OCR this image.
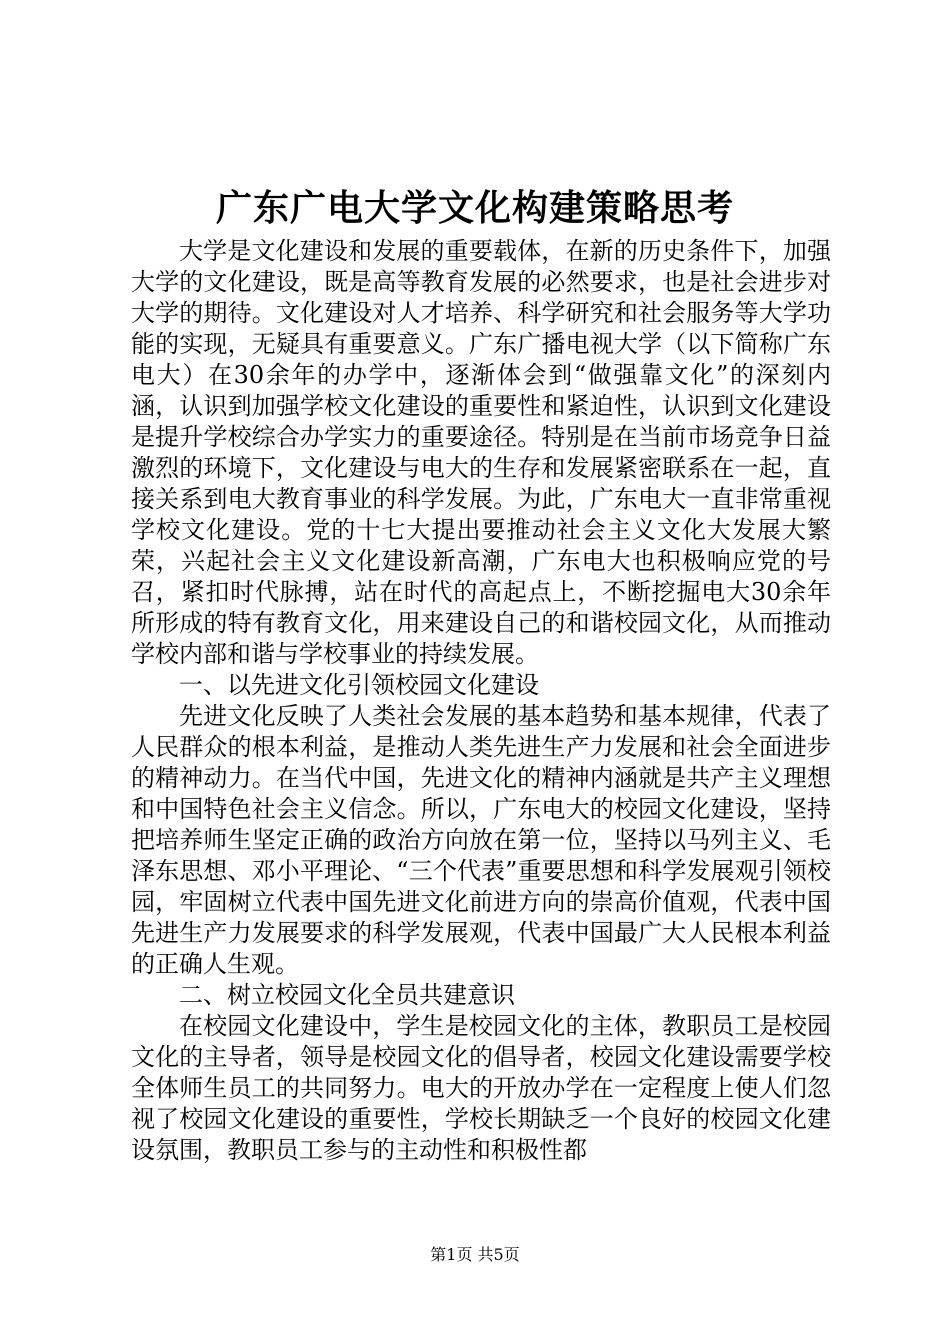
广东广电大学文化构建策略思考

大学是文化建设和发展的重要载体，在新的历史条件下，加强大学的文化建设，既是高等教育发展的必然要求，也是社会进步对大学的期待。文化建设对人才培养、科学研究和社会服务等大学功能的实现，无疑具有重要意义。广东广播电视大学（以下简称广东电大）在30余年的办学中，逐渐体会到“做强靠文化”的深刻内涵，认识到加强学校文化建设的重要性和紧迫性，认识到文化建设是提升学校综合办学实力的重要途径。特别是在当前市场竞争日益激烈的环境下，文化建设与电大的生存和发展紧密联系在一起，直接关系到电大教育事业的科学发展。为此，广东电大一直非常重视学校文化建设。党的十七大提出要推动社会主义文化大发展大繁荣，兴起社会主义文化建设新高潮，广东电大也积极响应党的号召，紧扣时代脉搏，站在时代的高起点上，不断挖掘电大30余年所形成的特有教育文化，用来建设自己的和谐校园文化，从而推动学校内部和谐与学校事业的持续发展。

一、以先进文化引领校园文化建设

先进文化反映了人类社会发展的基本趋势和基本规律，代表了人民群众的根本利益，是推动人类先进生产力发展和社会全面进步的精神动力。在当代中国，先进文化的精神内涵就是共产主义理想和中国特色社会主义信念。所以，广东电大的校园文化建设，坚持把培养师生坚定正确的政治方向放在第一位，坚持以马列主义、毛泽东思想、邓小平理论、“三个代表”重要思想和科学发展观引领校园，牢固树立代表中国先进文化前进方向的崇高价值观，代表中国先进生产力发展要求的科学发展观，代表中国最广大人民根本利益的正确人生观。

二、树立校园文化全员共建意识

在校园文化建设中，学生是校园文化的主体，教职员工是校园文化的主导者，领导是校园文化的倡导者，校园文化建设需要学校全体师生员工的共同努力。电大的开放办学在一定程度上使人们忽视了校园文化建设的重要性，学校长期缺乏一个良好的校园文化建设氛围，教职员工参与的主动性和积极性都

第1页 共5页
